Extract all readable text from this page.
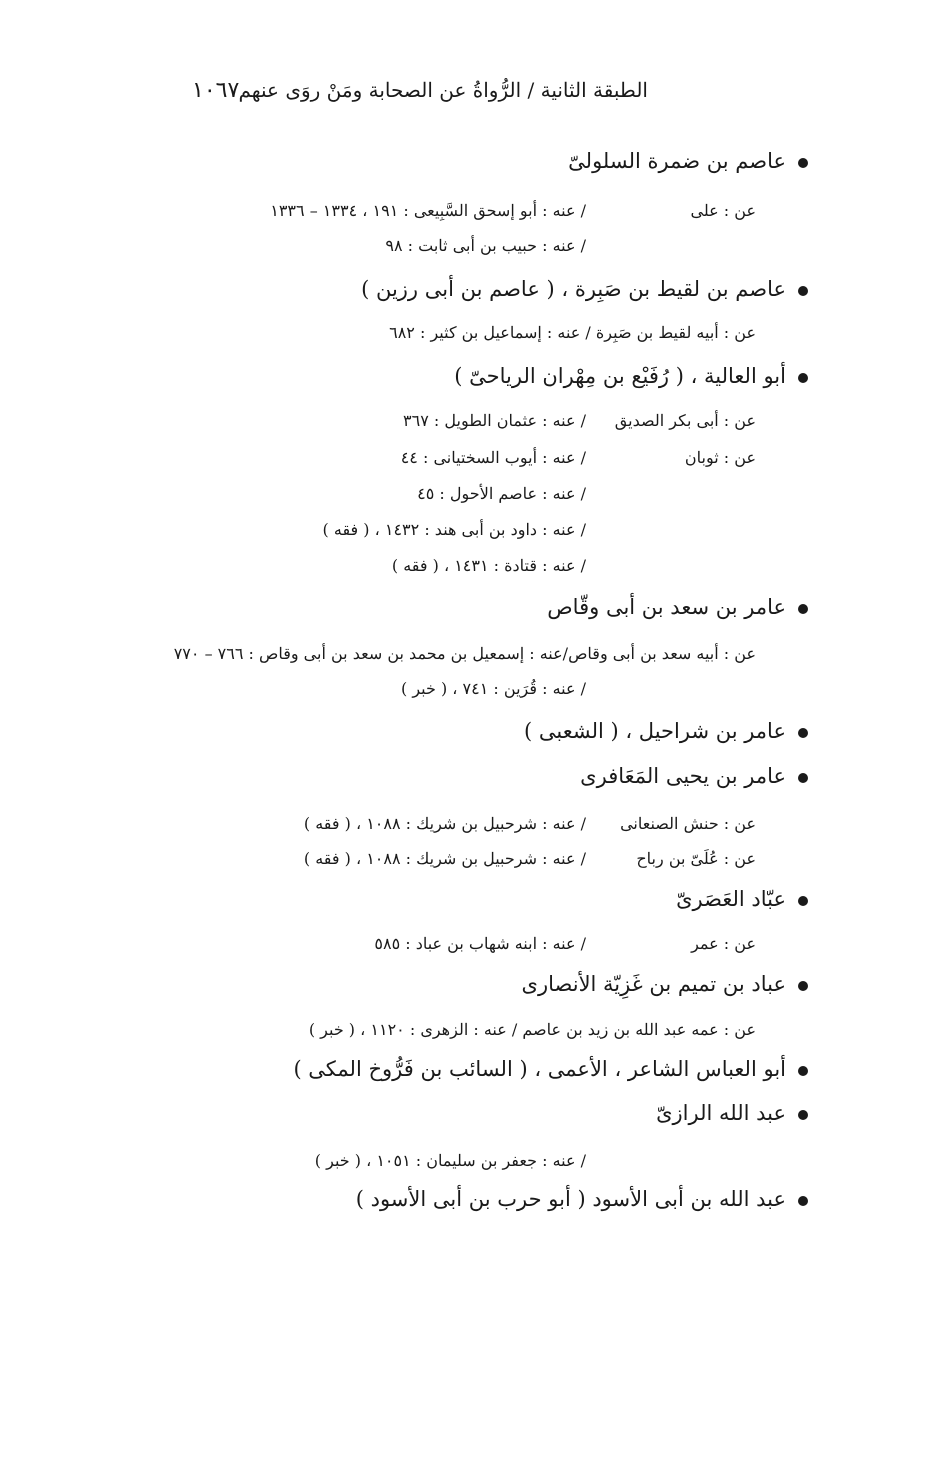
الطبقة الثانية / الرُّواةُ عن الصحابة ومَنْ روَى عنهم
١٠٦٧
عاصم بن ضمرة السلولىّ
عن : على
/ عنه : أبو إسحق السَّبِيعى : ١٩١ ، ١٣٣٤ – ١٣٣٦
/ عنه : حبيب بن أبى ثابت : ٩٨
عاصم بن لقيط بن صَبِرة ، ( عاصم بن أبى رزين )
عن : أبيه لقيط بن صَبِرة / عنه : إسماعيل بن كثير : ٦٨٢
أبو العالية ، ( رُفَيْع بن مِهْران الرياحىّ )
عن : أبى بكر الصديق
/ عنه : عثمان الطويل : ٣٦٧
عن : ثوبان
/ عنه : أيوب السختيانى : ٤٤
/ عنه : عاصم الأحول : ٤٥
/ عنه : داود بن أبى هند : ١٤٣٢ ، ( فقه )
/ عنه : قتادة : ١٤٣١ ، ( فقه )
عامر بن سعد بن أبى وقّاص
عن : أبيه سعد بن أبى وقاص/عنه : إسمعيل بن محمد بن سعد بن أبى وقاص : ٧٦٦ – ٧٧٠
/ عنه : قُرَين : ٧٤١ ، ( خبر )
عامر بن شراحيل ، ( الشعبى )
عامر بن يحيى المَعَافرى
عن : حنش الصنعانى
/ عنه : شرحبيل بن شريك : ١٠٨٨ ، ( فقه )
عن : عُلَىّ بن رباح
/ عنه : شرحبيل بن شريك : ١٠٨٨ ، ( فقه )
عبّاد العَصَرىّ
عن : عمر
/ عنه : ابنه شهاب بن عباد : ٥٨٥
عباد بن تميم بن غَزِيّة الأنصارى
عن : عمه عبد الله بن زيد بن عاصم / عنه : الزهرى : ١١٢٠ ، ( خبر )
أبو العباس الشاعر ، الأعمى ، ( السائب بن فَرُّوخ المكى )
عبد الله الرازىّ
/ عنه : جعفر بن سليمان : ١٠٥١ ، ( خبر )
عبد الله بن أبى الأسود ( أبو حرب بن أبى الأسود )
